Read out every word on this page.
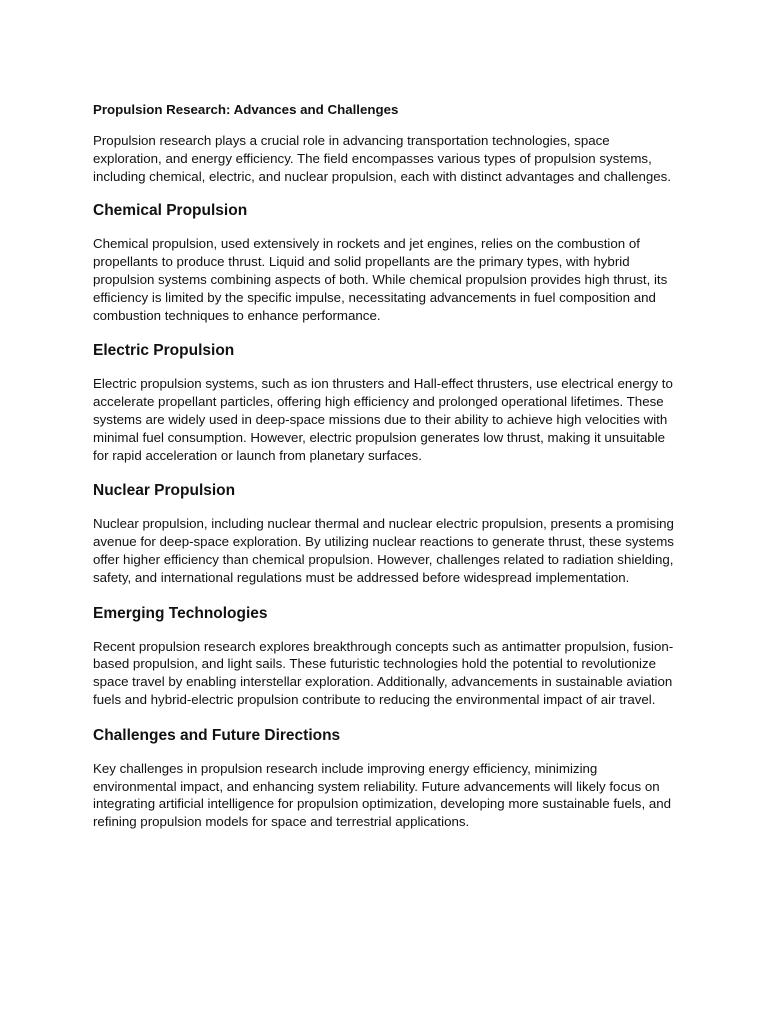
Propulsion Research: Advances and Challenges

Propulsion research plays a crucial role in advancing transportation technologies, space exploration, and energy efficiency. The field encompasses various types of propulsion systems, including chemical, electric, and nuclear propulsion, each with distinct advantages and challenges.

Chemical Propulsion

Chemical propulsion, used extensively in rockets and jet engines, relies on the combustion of propellants to produce thrust. Liquid and solid propellants are the primary types, with hybrid propulsion systems combining aspects of both. While chemical propulsion provides high thrust, its efficiency is limited by the specific impulse, necessitating advancements in fuel composition and combustion techniques to enhance performance.

Electric Propulsion

Electric propulsion systems, such as ion thrusters and Hall-effect thrusters, use electrical energy to accelerate propellant particles, offering high efficiency and prolonged operational lifetimes. These systems are widely used in deep-space missions due to their ability to achieve high velocities with minimal fuel consumption. However, electric propulsion generates low thrust, making it unsuitable for rapid acceleration or launch from planetary surfaces.

Nuclear Propulsion

Nuclear propulsion, including nuclear thermal and nuclear electric propulsion, presents a promising avenue for deep-space exploration. By utilizing nuclear reactions to generate thrust, these systems offer higher efficiency than chemical propulsion. However, challenges related to radiation shielding, safety, and international regulations must be addressed before widespread implementation.

Emerging Technologies

Recent propulsion research explores breakthrough concepts such as antimatter propulsion, fusion-based propulsion, and light sails. These futuristic technologies hold the potential to revolutionize space travel by enabling interstellar exploration. Additionally, advancements in sustainable aviation fuels and hybrid-electric propulsion contribute to reducing the environmental impact of air travel.

Challenges and Future Directions

Key challenges in propulsion research include improving energy efficiency, minimizing environmental impact, and enhancing system reliability. Future advancements will likely focus on integrating artificial intelligence for propulsion optimization, developing more sustainable fuels, and refining propulsion models for space and terrestrial applications.
